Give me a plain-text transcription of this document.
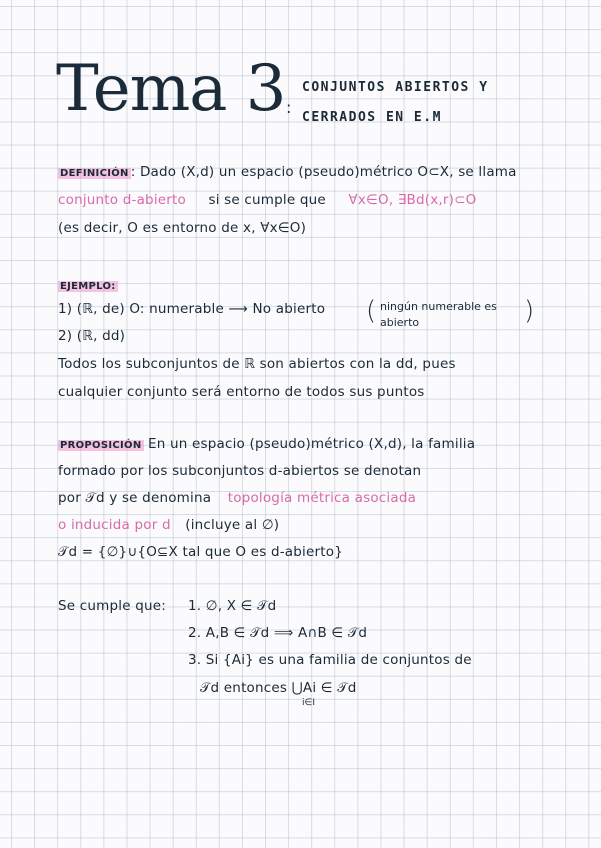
Tema 3 :
CONJUNTOS ABIERTOS Y
CERRADOS EN E.M
DEFINICIÓN : Dado (X,d) un espacio (pseudo)métrico O⊂X, se llama
conjunto d-abierto si se cumple que ∀x∈O, ∃Bd(x,r)⊂O
(es decir, O es entorno de x, ∀x∈O)
EJEMPLO:
1) (ℝ, de) O: numerable ⟶ No abierto ( ningún numerable es
abierto	)
2) (ℝ, dd)
Todos los subconjuntos de ℝ son abiertos con la dd, pues
cualquier conjunto será entorno de todos sus puntos
PROPOSICIÓN En un espacio (pseudo)métrico (X,d), la familia
formado por los subconjuntos d-abiertos se denotan
por 𝒯d y se denomina topología métrica asociada
o inducida por d (incluye al ∅)
𝒯d = {∅}∪{O⊆X tal que O es d-abierto}
Se cumple que: 1. ∅, X ∈ 𝒯d
2. A,B ∈ 𝒯d ⟹ A∩B ∈ 𝒯d
3. Si {Ai} es una familia de conjuntos de
𝒯d entonces ⋃Ai ∈ 𝒯d
i∈I
